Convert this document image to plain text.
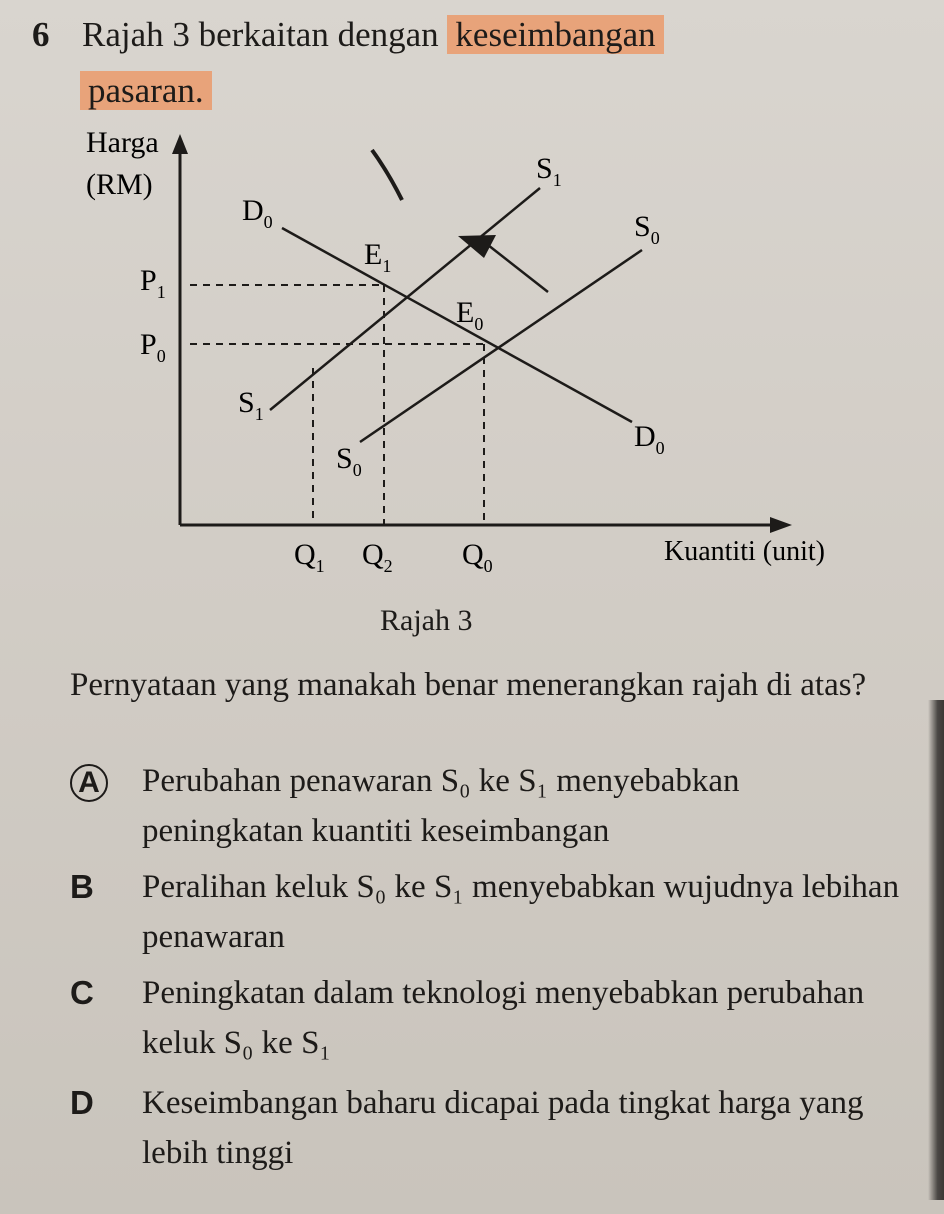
6 Rajah 3 berkaitan dengan keseimbangan
pasaran.
Harga
(RM)
Kuantiti (unit)
$D_0$
$D_0$
$S_0$
$S_0$
$S_1$
$S_1$
$E_1$
$E_0$
$P_1$
$P_0$
$Q_1$ $Q_2$ $Q_0$
Rajah 3
Pernyataan yang manakah benar menerangkan rajah di atas?
A Perubahan penawaran S₀ ke S₁ menyebabkan peningkatan kuantiti keseimbangan
B Peralihan keluk S₀ ke S₁ menyebabkan wujudnya lebihan penawaran
C Peningkatan dalam teknologi menyebabkan perubahan keluk S₀ ke S₁
D Keseimbangan baharu dicapai pada tingkat harga yang lebih tinggi
